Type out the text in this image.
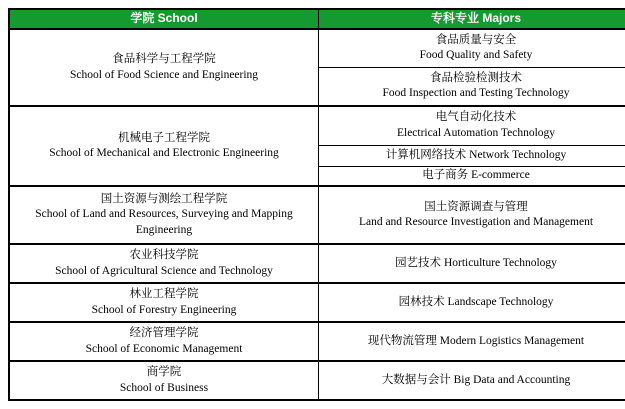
学院 School	专科专业 Majors

食品科学与工程学院
School of Food Science and Engineering	食品质量与安全
Food Quality and Safety

	食品检验检测技术
Food Inspection and Testing Technology

机械电子工程学院
School of Mechanical and Electronic Engineering	电气自动化技术
Electrical Automation Technology

	计算机网络技术 Network Technology
	电子商务 E-commerce

国土资源与测绘工程学院
School of Land and Resources, Surveying and Mapping Engineering	国土资源调查与管理
Land and Resource Investigation and Management

农业科技学院
School of Agricultural Science and Technology	园艺技术 Horticulture Technology

林业工程学院
School of Forestry Engineering	园林技术 Landscape Technology

经济管理学院
School of Economic Management	现代物流管理 Modern Logistics Management

商学院
School of Business	大数据与会计 Big Data and Accounting
